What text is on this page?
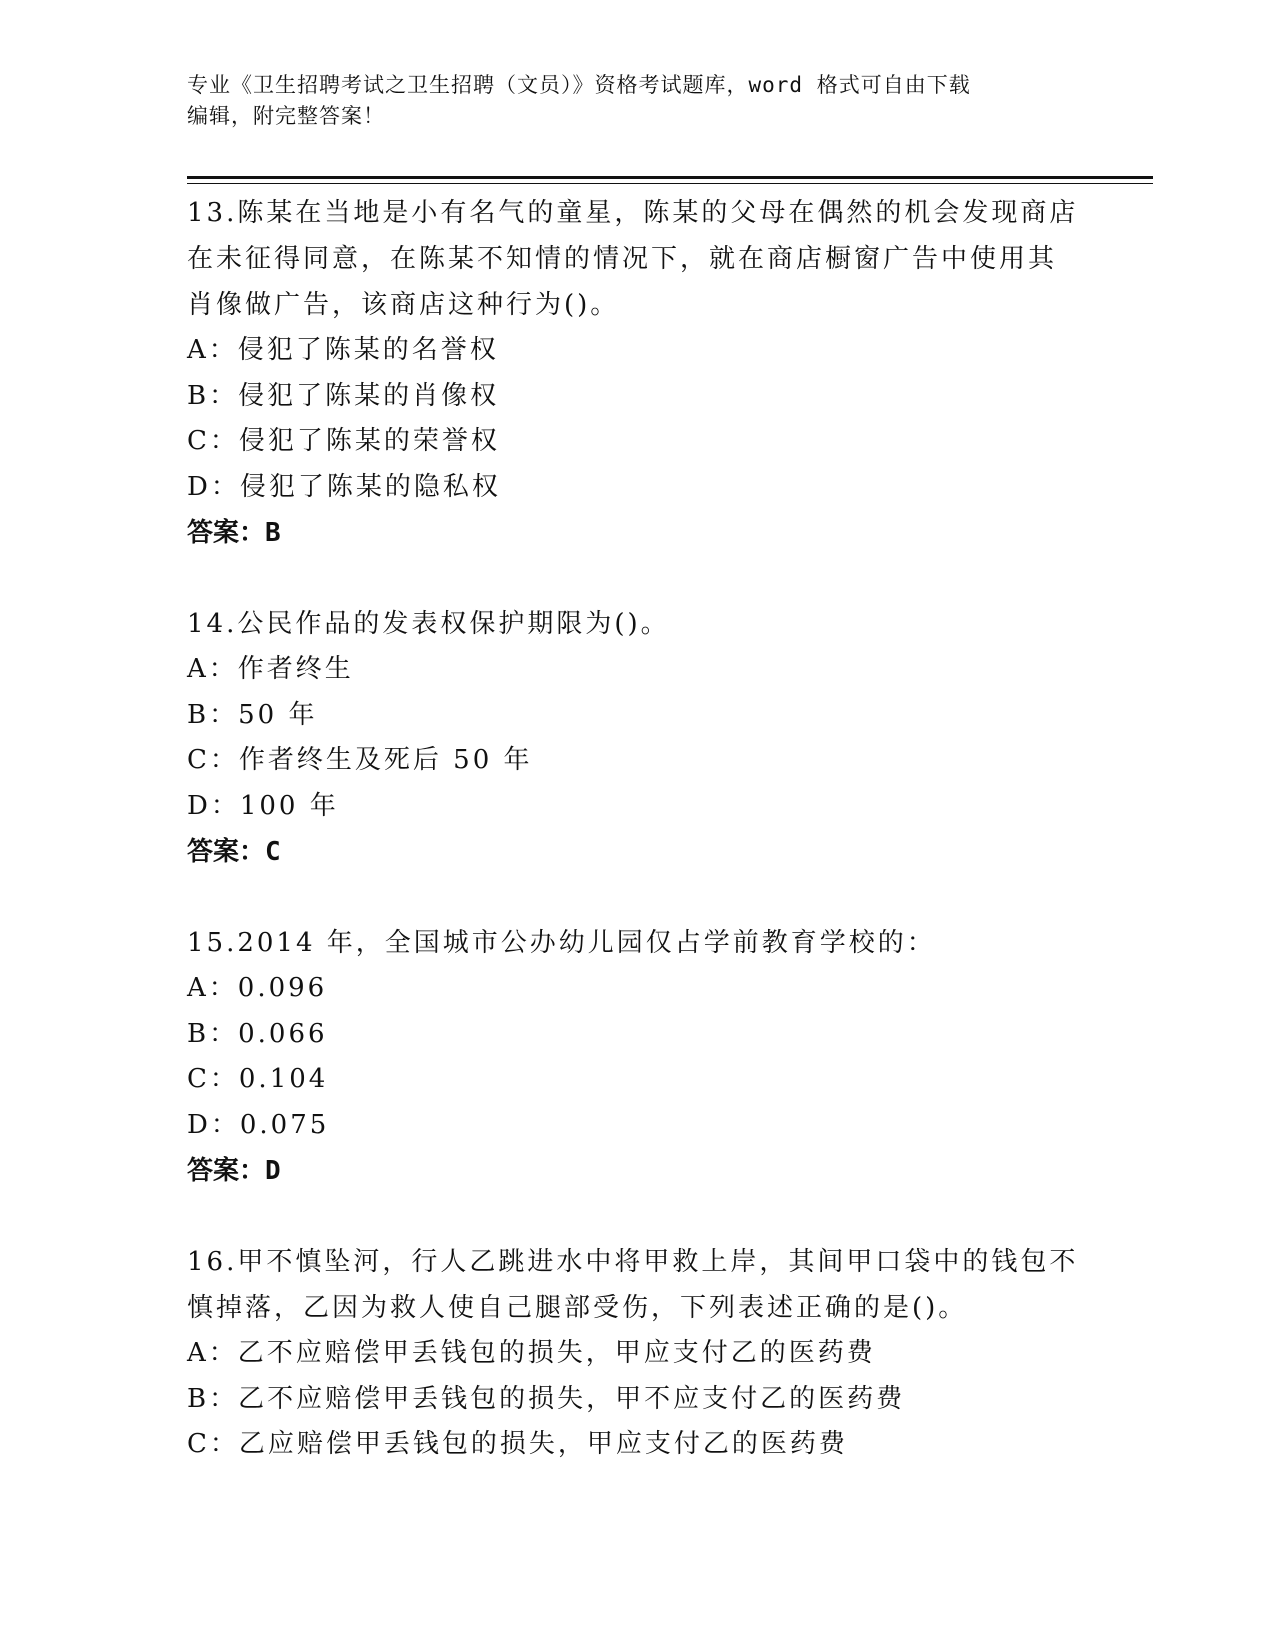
专业《卫生招聘考试之卫生招聘（文员）》资格考试题库，word 格式可自由下载
编辑，附完整答案！
13.陈某在当地是小有名气的童星，陈某的父母在偶然的机会发现商店
在未征得同意，在陈某不知情的情况下，就在商店橱窗广告中使用其
肖像做广告，该商店这种行为()。
A：侵犯了陈某的名誉权
B：侵犯了陈某的肖像权
C：侵犯了陈某的荣誉权
D：侵犯了陈某的隐私权
答案：B
14.公民作品的发表权保护期限为()。
A：作者终生
B：50 年
C：作者终生及死后 50 年
D：100 年
答案：C
15.2014 年，全国城市公办幼儿园仅占学前教育学校的：
A：0.096
B：0.066
C：0.104
D：0.075
答案：D
16.甲不慎坠河，行人乙跳进水中将甲救上岸，其间甲口袋中的钱包不
慎掉落，乙因为救人使自己腿部受伤，下列表述正确的是()。
A：乙不应赔偿甲丢钱包的损失，甲应支付乙的医药费
B：乙不应赔偿甲丢钱包的损失，甲不应支付乙的医药费
C：乙应赔偿甲丢钱包的损失，甲应支付乙的医药费
